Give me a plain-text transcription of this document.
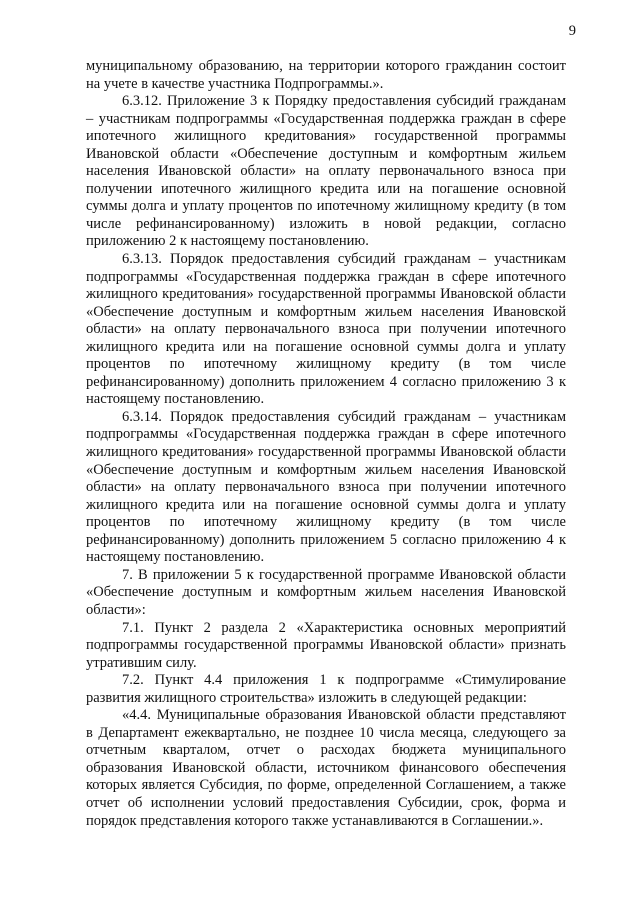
9

муниципальному образованию, на территории которого гражданин состоит на учете в качестве участника Подпрограммы.».

6.3.12. Приложение 3 к Порядку предоставления субсидий гражданам – участникам подпрограммы «Государственная поддержка граждан в сфере ипотечного жилищного кредитования» государственной программы Ивановской области «Обеспечение доступным и комфортным жильем населения Ивановской области» на оплату первоначального взноса при получении ипотечного жилищного кредита или на погашение основной суммы долга и уплату процентов по ипотечному жилищному кредиту (в том числе рефинансированному) изложить в новой редакции, согласно приложению 2 к настоящему постановлению.

6.3.13. Порядок предоставления субсидий гражданам – участникам подпрограммы «Государственная поддержка граждан в сфере ипотечного жилищного кредитования» государственной программы Ивановской области «Обеспечение доступным и комфортным жильем населения Ивановской области» на оплату первоначального взноса при получении ипотечного жилищного кредита или на погашение основной суммы долга и уплату процентов по ипотечному жилищному кредиту (в том числе рефинансированному) дополнить приложением 4 согласно приложению 3 к настоящему постановлению.

6.3.14. Порядок предоставления субсидий гражданам – участникам подпрограммы «Государственная поддержка граждан в сфере ипотечного жилищного кредитования» государственной программы Ивановской области «Обеспечение доступным и комфортным жильем населения Ивановской области» на оплату первоначального взноса при получении ипотечного жилищного кредита или на погашение основной суммы долга и уплату процентов по ипотечному жилищному кредиту (в том числе рефинансированному) дополнить приложением 5 согласно приложению 4 к настоящему постановлению.

7. В приложении 5 к государственной программе Ивановской области «Обеспечение доступным и комфортным жильем населения Ивановской области»:

7.1. Пункт 2 раздела 2 «Характеристика основных мероприятий подпрограммы государственной программы Ивановской области» признать утратившим силу.

7.2. Пункт 4.4 приложения 1 к подпрограмме «Стимулирование развития жилищного строительства» изложить в следующей редакции:

«4.4. Муниципальные образования Ивановской области представляют в Департамент ежеквартально, не позднее 10 числа месяца, следующего за отчетным кварталом, отчет о расходах бюджета муниципального образования Ивановской области, источником финансового обеспечения которых является Субсидия, по форме, определенной Соглашением, а также отчет об исполнении условий предоставления Субсидии, срок, форма и порядок представления которого также устанавливаются в Соглашении.».
